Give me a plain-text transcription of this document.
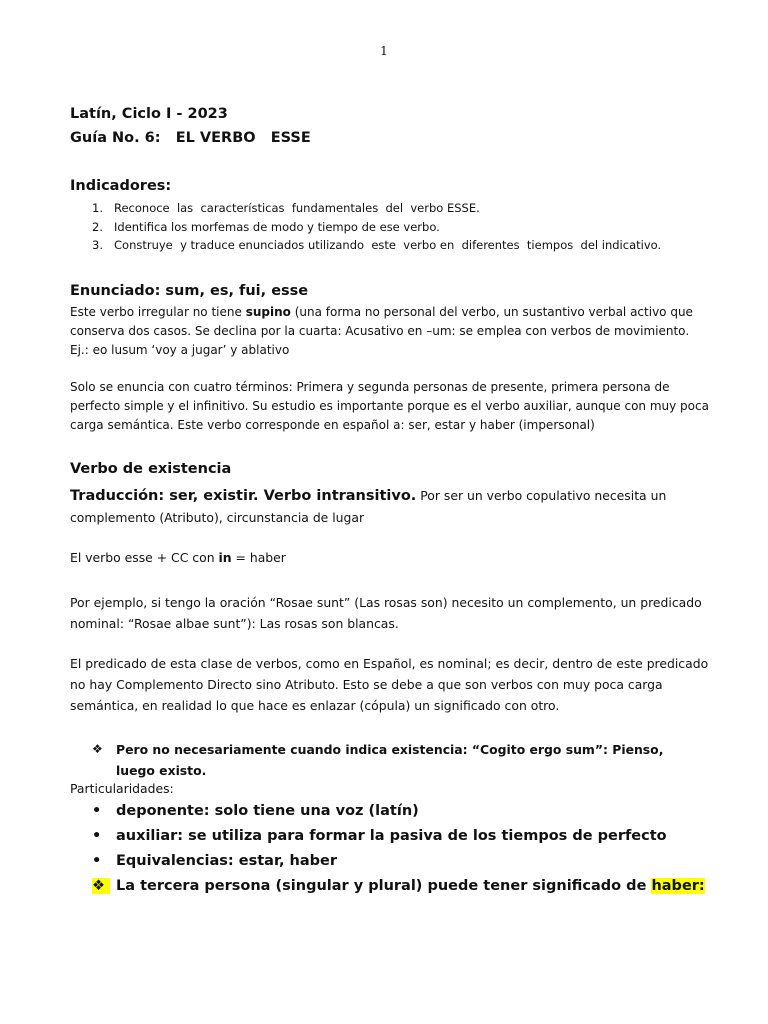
1
Latín, Ciclo I - 2023
Guía No. 6:   EL VERBO   ESSE
Indicadores:
1. Reconoce  las  características  fundamentales  del  verbo ESSE.
2. Identifica los morfemas de modo y tiempo de ese verbo.
3. Construye  y traduce enunciados utilizando  este  verbo en  diferentes  tiempos  del indicativo.
Enunciado: sum, es, fui, esse

Este verbo irregular no tiene supino (una forma no personal del verbo, un sustantivo verbal activo que conserva dos casos. Se declina por la cuarta: Acusativo en –um: se emplea con verbos de movimiento. Ej.: eo lusum ‘voy a jugar’ y ablativo

Solo se enuncia con cuatro términos: Primera y segunda personas de presente, primera persona de perfecto simple y el infinitivo. Su estudio es importante porque es el verbo auxiliar, aunque con muy poca carga semántica. Este verbo corresponde en español a: ser, estar y haber (impersonal)

Verbo de existencia

Traducción: ser, existir. Verbo intransitivo. Por ser un verbo copulativo necesita un complemento (Atributo), circunstancia de lugar

El verbo esse + CC con in = haber

Por ejemplo, si tengo la oración “Rosae sunt” (Las rosas son) necesito un complemento, un predicado nominal: “Rosae albae sunt”): Las rosas son blancas.

El predicado de esta clase de verbos, como en Español, es nominal; es decir, dentro de este predicado no hay Complemento Directo sino Atributo. Esto se debe a que son verbos con muy poca carga semántica, en realidad lo que hace es enlazar (cópula) un significado con otro.

❖	Pero no necesariamente cuando indica existencia: “Cogito ergo sum”: Pienso, luego existo.
Particularidades:
• deponente: solo tiene una voz (latín)
• auxiliar: se utiliza para formar la pasiva de los tiempos de perfecto
• Equivalencias: estar, haber
❖ La tercera persona (singular y plural) puede tener significado de haber:
